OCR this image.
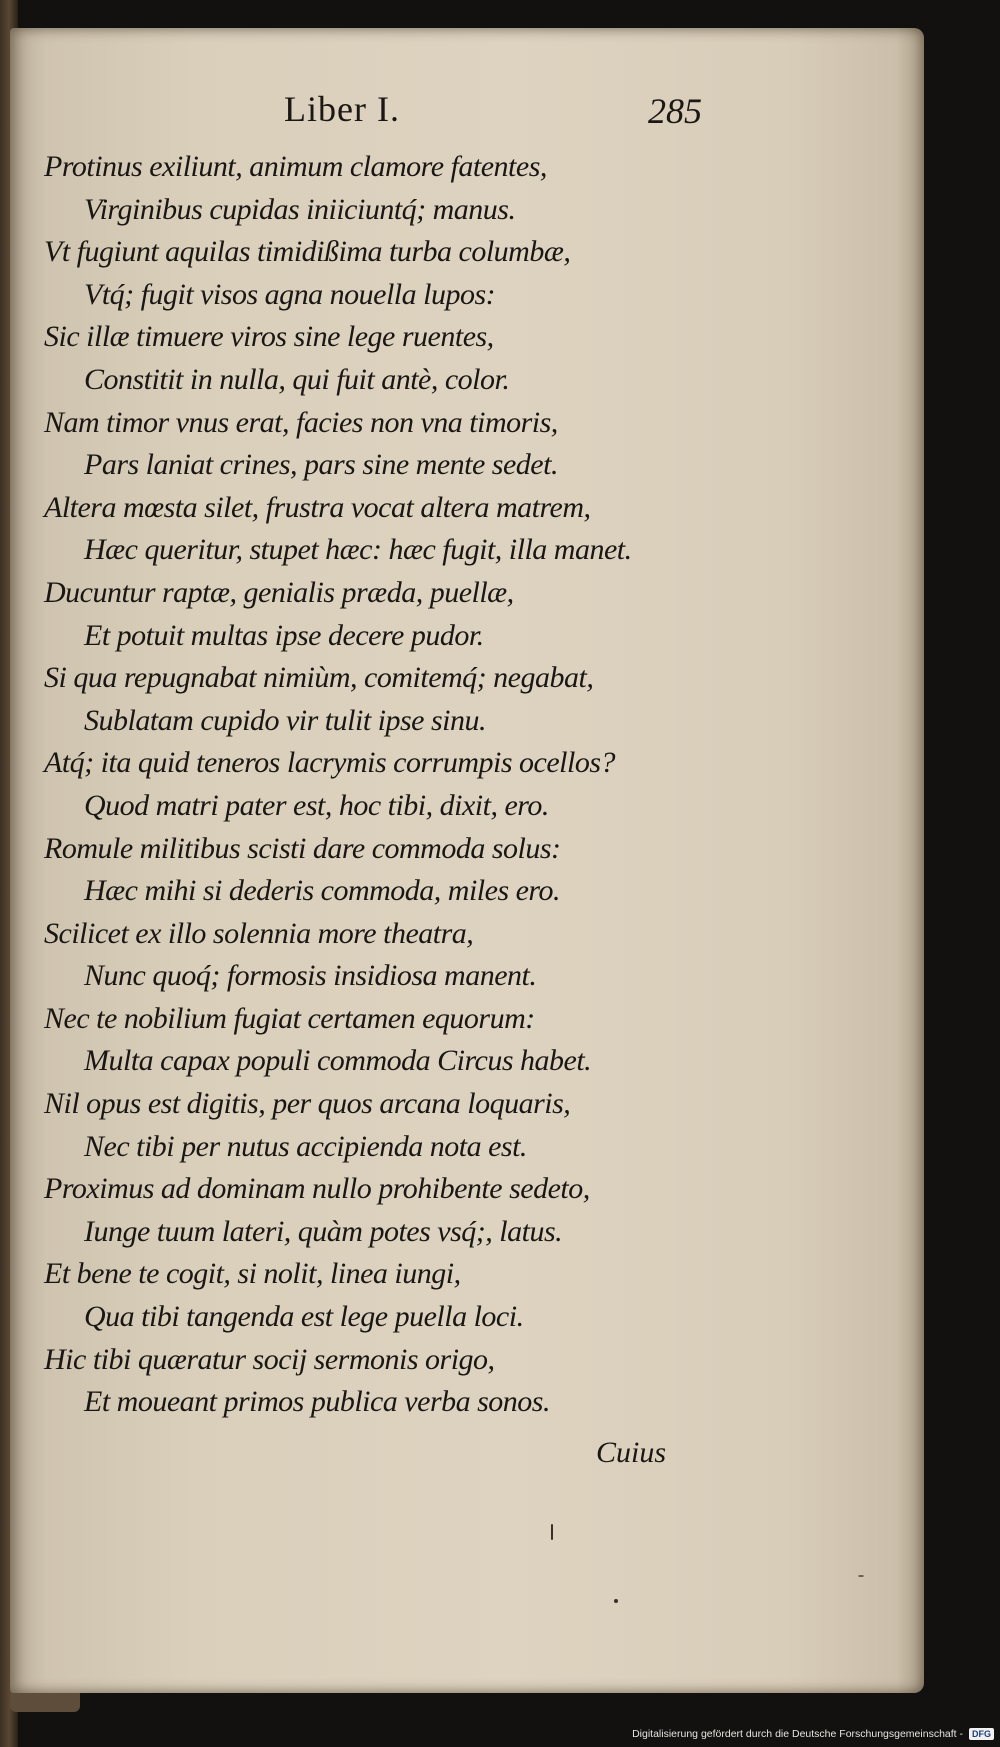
Liber I.	285
Protinus exiliunt, animum clamore fatentes,
Virginibus cupidas iniiciuntq́; manus.
Vt fugiunt aquilas timidißima turba columbæ,
Vtq́; fugit visos agna nouella lupos:
Sic illæ timuere viros sine lege ruentes,
Constitit in nulla, qui fuit antè, color.
Nam timor vnus erat, facies non vna timoris,
Pars laniat crines, pars sine mente sedet.
Altera mœsta silet, frustra vocat altera matrem,
Hæc queritur, stupet hæc: hæc fugit, illa manet.
Ducuntur raptæ, genialis præda, puellæ,
Et potuit multas ipse decere pudor.
Si qua repugnabat nimiùm, comitemq́; negabat,
Sublatam cupido vir tulit ipse sinu.
Atq́; ita quid teneros lacrymis corrumpis ocellos?
Quod matri pater est, hoc tibi, dixit, ero.
Romule militibus scisti dare commoda solus:
Hæc mihi si dederis commoda, miles ero.
Scilicet ex illo solennia more theatra,
Nunc quoq́; formosis insidiosa manent.
Nec te nobilium fugiat certamen equorum:
Multa capax populi commoda Circus habet.
Nil opus est digitis, per quos arcana loquaris,
Nec tibi per nutus accipienda nota est.
Proximus ad dominam nullo prohibente sedeto,
Iunge tuum lateri, quàm potes vsq́;, latus.
Et bene te cogit, si nolit, linea iungi,
Qua tibi tangenda est lege puella loci.
Hic tibi quæratur socij sermonis origo,
Et moueant primos publica verba sonos.
Cuius
Digitalisierung gefördert durch die Deutsche Forschungsgemeinschaft -	DFG
